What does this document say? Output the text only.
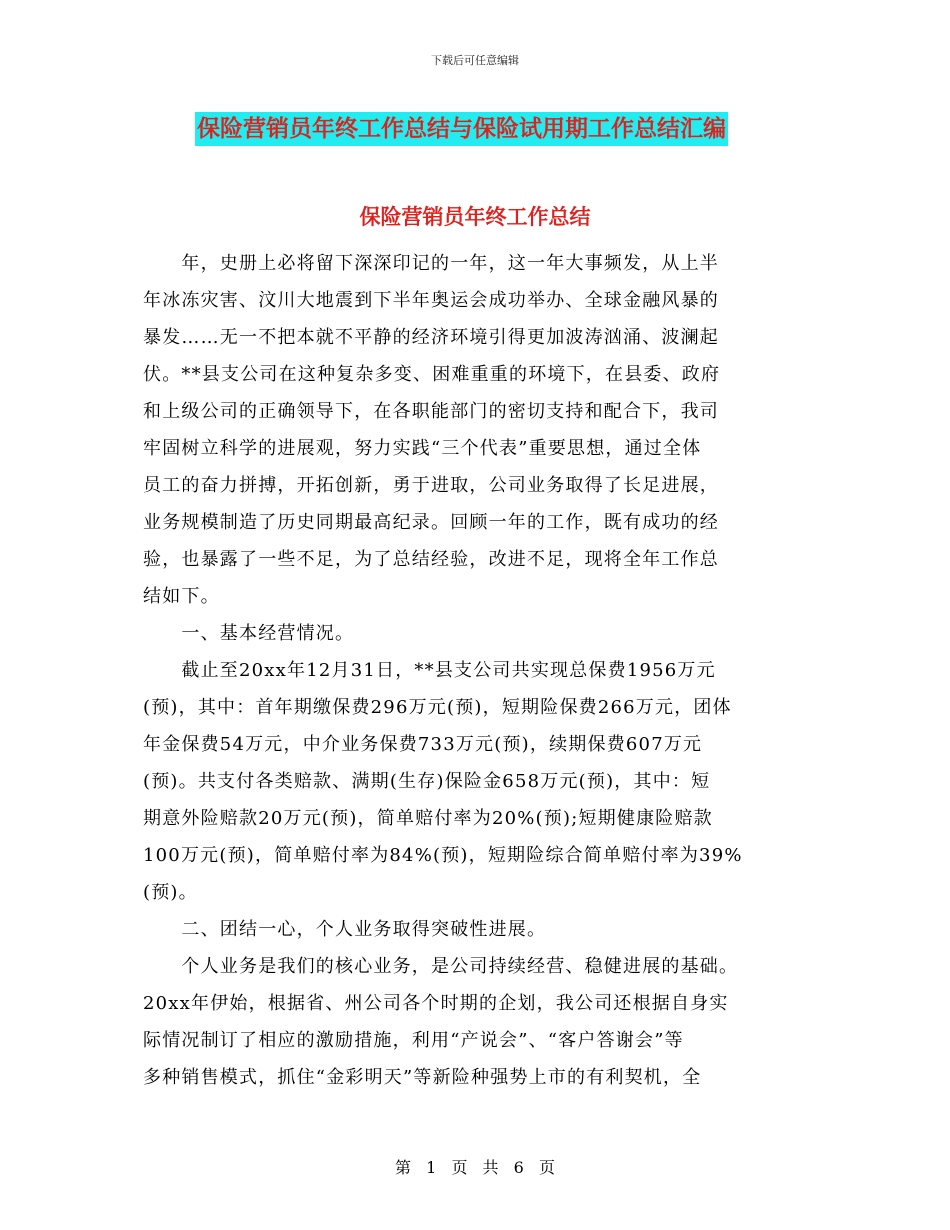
下载后可任意编辑
保险营销员年终工作总结与保险试用期工作总结汇编
保险营销员年终工作总结
　　年，史册上必将留下深深印记的一年，这一年大事频发，从上半
年冰冻灾害、汶川大地震到下半年奥运会成功举办、全球金融风暴的
暴发……无一不把本就不平静的经济环境引得更加波涛汹涌、波澜起
伏。**县支公司在这种复杂多变、困难重重的环境下，在县委、政府
和上级公司的正确领导下，在各职能部门的密切支持和配合下，我司
牢固树立科学的进展观，努力实践“三个代表”重要思想，通过全体
员工的奋力拼搏，开拓创新，勇于进取，公司业务取得了长足进展，
业务规模制造了历史同期最高纪录。回顾一年的工作，既有成功的经
验，也暴露了一些不足，为了总结经验，改进不足，现将全年工作总
结如下。
　　一、基本经营情况。
　　截止至20xx年12月31日，**县支公司共实现总保费1956万元
(预)，其中：首年期缴保费296万元(预)，短期险保费266万元，团体
年金保费54万元，中介业务保费733万元(预)，续期保费607万元
(预)。共支付各类赔款、满期(生存)保险金658万元(预)，其中：短
期意外险赔款20万元(预)，简单赔付率为20%(预);短期健康险赔款
100万元(预)，简单赔付率为84%(预)，短期险综合简单赔付率为39%
(预)。
　　二、团结一心，个人业务取得突破性进展。
　　个人业务是我们的核心业务，是公司持续经营、稳健进展的基础。
20xx年伊始，根据省、州公司各个时期的企划，我公司还根据自身实
际情况制订了相应的激励措施，利用“产说会”、“客户答谢会”等
多种销售模式，抓住“金彩明天”等新险种强势上市的有利契机，全
第 1 页 共 6 页
